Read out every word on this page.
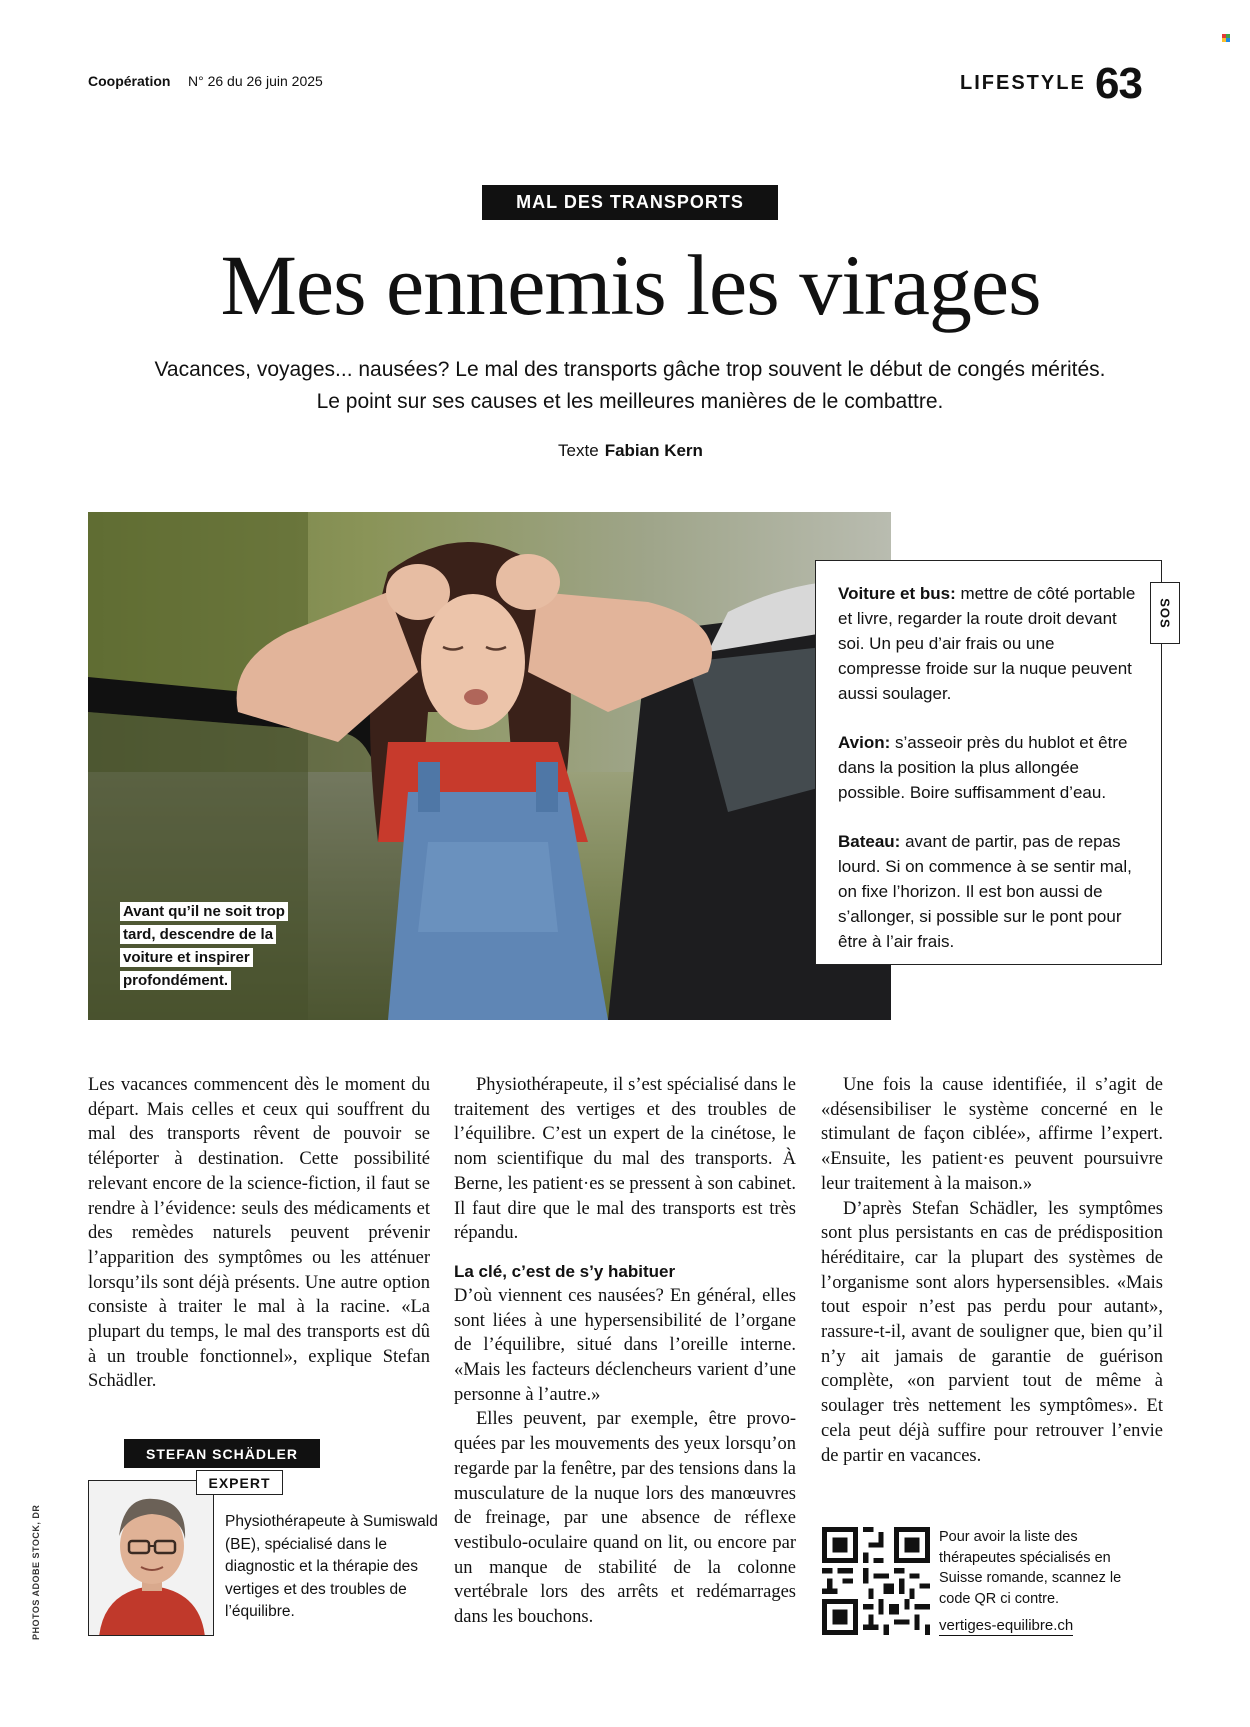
Coopération N° 26 du 26 juin 2025	LIFESTYLE 63
MAL DES TRANSPORTS
Mes ennemis les virages
Vacances, voyages... nausées? Le mal des transports gâche trop souvent le début de congés mérités. Le point sur ses causes et les meilleures manières de le combattre.
Texte Fabian Kern
Avant qu’il ne soit trop tard, descendre de la voiture et inspirer profondément.

Voiture et bus: mettre de côté portable et livre, regarder la route droit devant soi. Un peu d’air frais ou une compresse froide sur la nuque peuvent aussi soulager.

Avion: s’asseoir près du hublot et être dans la position la plus allongée possible. Boire suffisamment d’eau.

Bateau: avant de partir, pas de repas lourd. Si on commence à se sentir mal, on fixe l’horizon. Il est bon aussi de s’allonger, si possible sur le pont pour être à l’air frais.

SOS

Les vacances commencent dès le moment du départ. Mais celles et ceux qui souffrent du mal des transports rêvent de pouvoir se téléporter à destination. Cette possibilité relevant encore de la science-fiction, il faut se rendre à l’évidence: seuls des médicaments et des remèdes naturels peuvent prévenir l’apparition des symptômes ou les atténuer lorsqu’ils sont déjà présents. Une autre option consiste à traiter le mal à la racine. «La plupart du temps, le mal des transports est dû à un trouble fonctionnel», explique Stefan Schädler.

Physiothérapeute, il s’est spécialisé dans le traitement des vertiges et des troubles de l’équilibre. C’est un expert de la cinétose, le nom scientifique du mal des transports. À Berne, les patient·es se pressent à son cabinet. Il faut dire que le mal des transports est très répandu.

La clé, c’est de s’y habituer

D’où viennent ces nausées? En général, elles sont liées à une hypersensibilité de l’organe de l’équilibre, situé dans l’oreille interne. «Mais les facteurs déclencheurs varient d’une personne à l’autre.»

Elles peuvent, par exemple, être provoquées par les mouvements des yeux lorsqu’on regarde par la fenêtre, par des tensions dans la musculature de la nuque lors des manœuvres de freinage, par une absence de réflexe vestibulo-oculaire quand on lit, ou encore par un manque de stabilité de la colonne vertébrale lors des arrêts et redémarrages dans les bouchons.

Une fois la cause identifiée, il s’agit de «désensibiliser le système concerné en le stimulant de façon ciblée», affirme l’expert. «Ensuite, les patient·es peuvent poursuivre leur traitement à la maison.»

D’après Stefan Schädler, les symptômes sont plus persistants en cas de prédisposition héréditaire, car la plupart des systèmes de l’organisme sont alors hypersensibles. «Mais tout espoir n’est pas perdu pour autant», rassure-t-il, avant de souligner que, bien qu’il n’y ait jamais de garantie de guérison complète, «on parvient tout de même à soulager très nettement les symptômes». Et cela peut déjà suffire pour retrouver l’envie de partir en vacances.

STEFAN SCHÄDLER
EXPERT
Physiothérapeute à Sumiswald (BE), spécialisé dans le diagnostic et la thérapie des vertiges et des troubles de l’équilibre.
PHOTOS ADOBE STOCK, DR	Pour avoir la liste des thérapeutes spécialisés en Suisse romande, scannez le code QR ci contre.
vertiges-equilibre.ch
